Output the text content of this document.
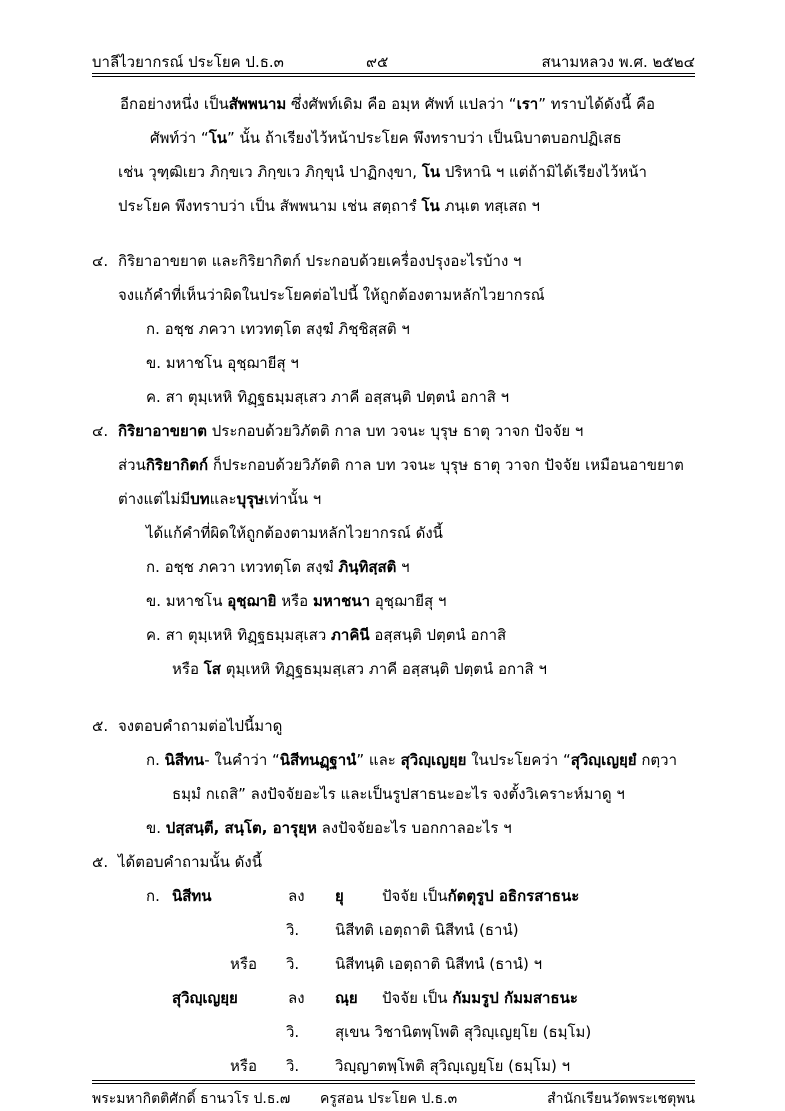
บาลีไวยากรณ์ ประโยค ป.ธ.๓	๙๕	สนามหลวง พ.ศ. ๒๕๒๔
อีกอย่างหนึ่ง เป็นสัพพนาม ซึ่งศัพท์เดิม คือ อมฺห ศัพท์ แปลว่า “เรา” ทราบได้ดังนี้ คือ
ศัพท์ว่า “โน” นั้น ถ้าเรียงไว้หน้าประโยค พึงทราบว่า เป็นนิบาตบอกปฏิเสธ
เช่น วุฑฺฒิเยว ภิกฺขเว ภิกฺขเว ภิกฺขุนํ ปาฏิกงฺขา, โน ปริหานิ ฯ แต่ถ้ามิได้เรียงไว้หน้า
ประโยค พึงทราบว่า เป็น สัพพนาม เช่น สตฺถารํ โน ภนฺเต ทสฺเสถ ฯ
๔. กิริยาอาขยาต และกิริยากิตก์ ประกอบด้วยเครื่องปรุงอะไรบ้าง ฯ
จงแก้คำที่เห็นว่าผิดในประโยคต่อไปนี้ ให้ถูกต้องตามหลักไวยากรณ์
ก. อชฺช ภควา เทวทตฺโต สงฺฆํ ภิชฺชิสฺสติ ฯ
ข. มหาชโน อุชฺฌายีสุ ฯ
ค. สา ตุมฺเหหิ ทิฏฺฐธมฺมสฺเสว ภาคี อสฺสนฺติ ปตฺตนํ อกาสิ ฯ
๔. กิริยาอาขยาต ประกอบด้วยวิภัตติ กาล บท วจนะ บุรุษ ธาตุ วาจก ปัจจัย ฯ
ส่วนกิริยากิตก์ ก็ประกอบด้วยวิภัตติ กาล บท วจนะ บุรุษ ธาตุ วาจก ปัจจัย เหมือนอาขยาต
ต่างแต่ไม่มีบทและบุรุษเท่านั้น ฯ
ได้แก้คำที่ผิดให้ถูกต้องตามหลักไวยากรณ์ ดังนี้
ก. อชฺช ภควา เทวทตฺโต สงฺฆํ ภินฺทิสฺสติ ฯ
ข. มหาชโน อุชฺฌายิ หรือ มหาชนา อุชฺฌายีสุ ฯ
ค. สา ตุมฺเหหิ ทิฏฺฐธมฺมสฺเสว ภาคินี อสฺสนฺติ ปตฺตนํ อกาสิ
หรือ โส ตุมฺเหหิ ทิฏฺฐธมฺมสฺเสว ภาคี อสฺสนฺติ ปตฺตนํ อกาสิ ฯ
๕. จงตอบคำถามต่อไปนี้มาดู
ก. นิสีทน- ในคำว่า “นิสีทนฏฺฐานํ” และ สุวิญฺเญยฺย ในประโยคว่า “สุวิญฺเญยฺยํ กตฺวา
ธมฺมํ กเถสิ” ลงปัจจัยอะไร และเป็นรูปสาธนะอะไร จงตั้งวิเคราะห์มาดู ฯ
ข. ปสฺสนฺตี, สนฺโต, อารุยฺห ลงปัจจัยอะไร บอกกาลอะไร ฯ
๕. ได้ตอบคำถามนั้น ดังนี้
ก. นิสีทน	ลง ยุ	ปัจจัย เป็นกัตตุรูป อธิกรสาธนะ
วิ. นิสีทติ เอตฺถาติ นิสีทนํ (ธานํ)
หรือ วิ. นิสีทนฺติ เอตฺถาติ นิสีทนํ (ธานํ) ฯ
สุวิญฺเญยฺย	ลง ณฺย ปัจจัย เป็น กัมมรูป กัมมสาธนะ
วิ. สุเขน วิชานิตพฺโพติ สุวิญฺเญยฺโย (ธมฺโม)
หรือ วิ. วิญฺญาตพฺโพติ สุวิญฺเญยฺโย (ธมฺโม) ฯ
พระมหากิตติศักดิ์ ธานวโร ป.ธ.๗ ครูสอน ประโยค ป.ธ.๓	สำนักเรียนวัดพระเชตุพน
